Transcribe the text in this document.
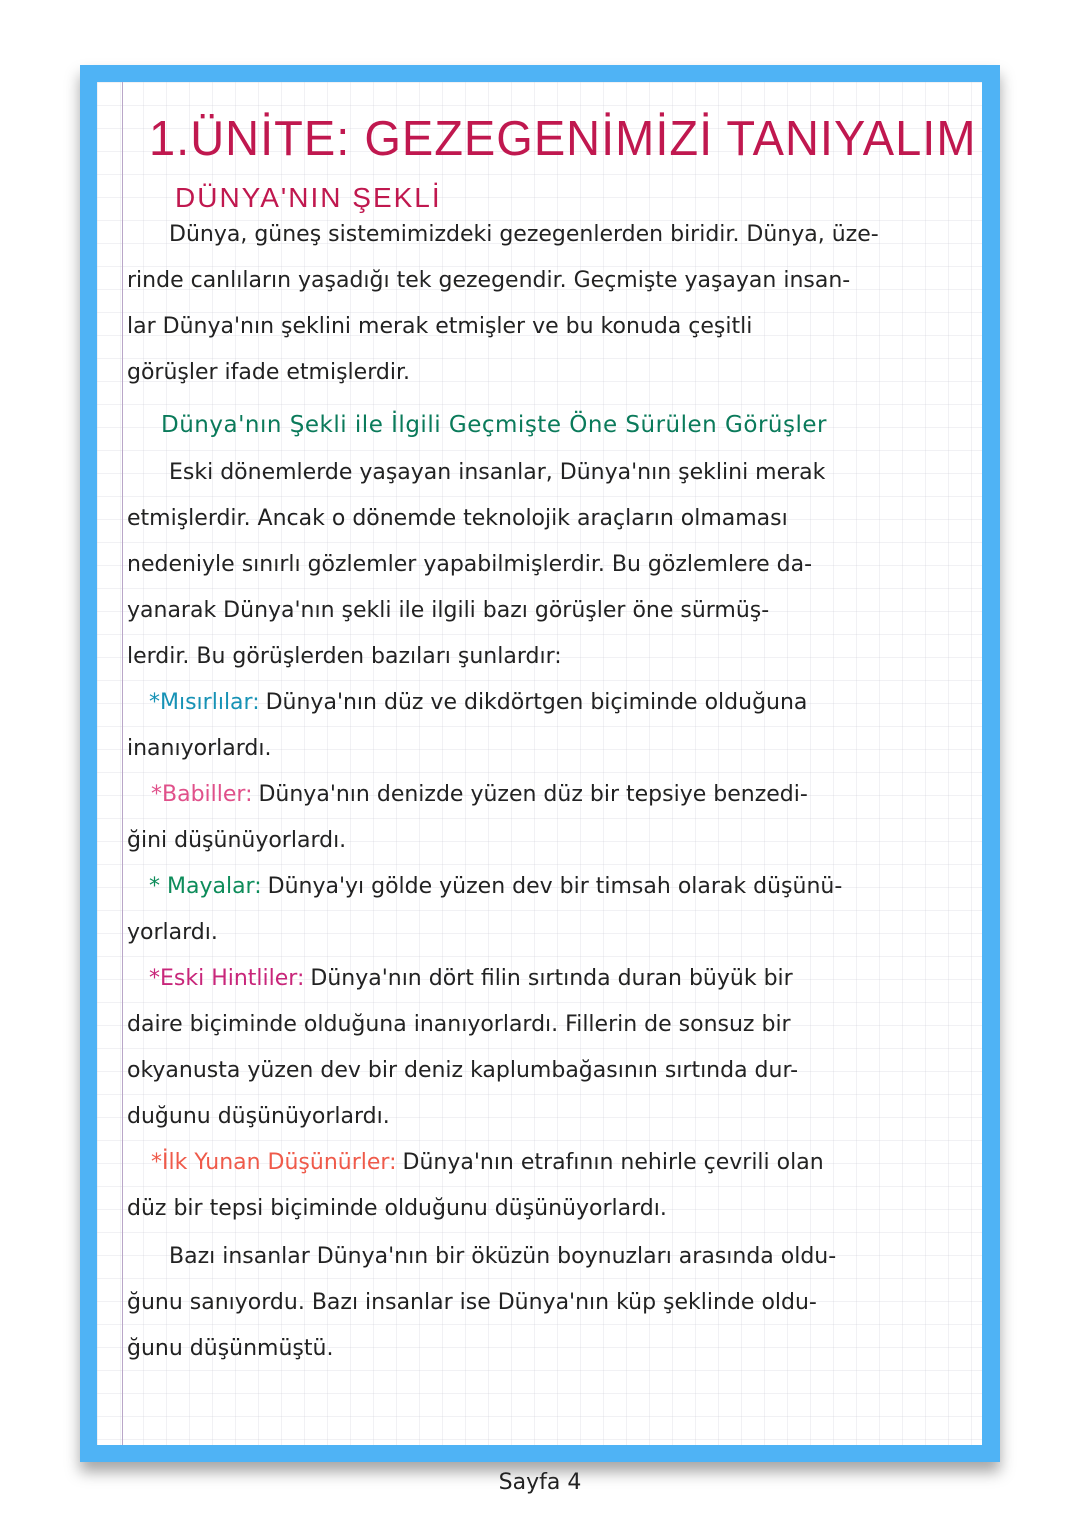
1.ÜNİTE: GEZEGENİMİZİ TANIYALIM
DÜNYA'NIN ŞEKLİ
Dünya, güneş sistemimizdeki gezegenlerden biridir. Dünya, üze-
rinde canlıların yaşadığı tek gezegendir. Geçmişte yaşayan insan-
lar Dünya'nın şeklini merak etmişler ve bu konuda çeşitli
görüşler ifade etmişlerdir.
Dünya'nın Şekli ile İlgili Geçmişte Öne Sürülen Görüşler
Eski dönemlerde yaşayan insanlar, Dünya'nın şeklini merak
etmişlerdir. Ancak o dönemde teknolojik araçların olmaması
nedeniyle sınırlı gözlemler yapabilmişlerdir. Bu gözlemlere da-
yanarak Dünya'nın şekli ile ilgili bazı görüşler öne sürmüş-
lerdir. Bu görüşlerden bazıları şunlardır:
*Mısırlılar: Dünya'nın düz ve dikdörtgen biçiminde olduğuna
inanıyorlardı.
*Babiller: Dünya'nın denizde yüzen düz bir tepsiye benzedi-
ğini düşünüyorlardı.
* Mayalar: Dünya'yı gölde yüzen dev bir timsah olarak düşünü-
yorlardı.
*Eski Hintliler: Dünya'nın dört filin sırtında duran büyük bir
daire biçiminde olduğuna inanıyorlardı. Fillerin de sonsuz bir
okyanusta yüzen dev bir deniz kaplumbağasının sırtında dur-
duğunu düşünüyorlardı.
*İlk Yunan Düşünürler: Dünya'nın etrafının nehirle çevrili olan
düz bir tepsi biçiminde olduğunu düşünüyorlardı.
Bazı insanlar Dünya'nın bir öküzün boynuzları arasında oldu-
ğunu sanıyordu. Bazı insanlar ise Dünya'nın küp şeklinde oldu-
ğunu düşünmüştü.
Sayfa 4
